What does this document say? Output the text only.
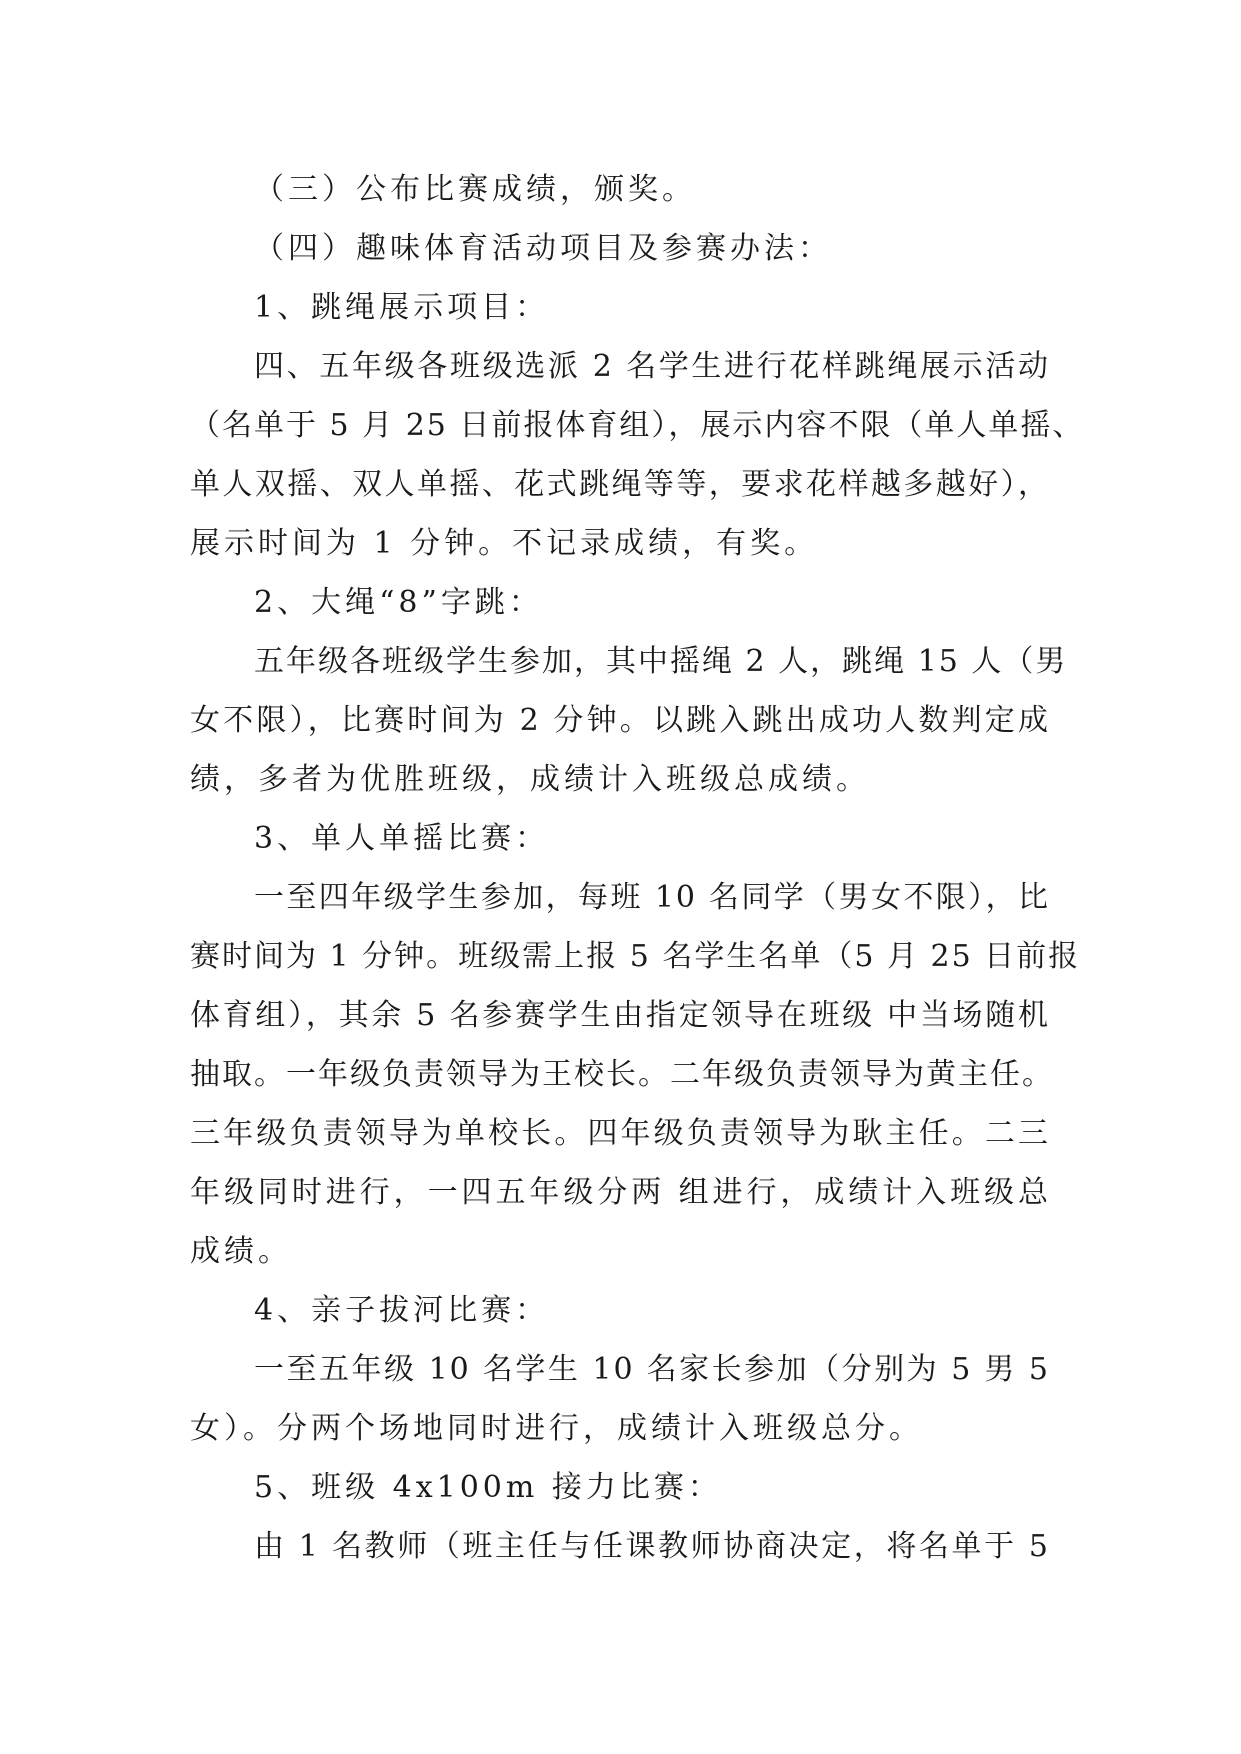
（三）公布比赛成绩，颁奖。
（四）趣味体育活动项目及参赛办法：
1、跳绳展示项目：
四、五年级各班级选派 2 名学生进行花样跳绳展示活动
（名单于 5 月 25 日前报体育组），展示内容不限（单人单摇、
单人双摇、双人单摇、花式跳绳等等，要求花样越多越好），
展示时间为 1 分钟。不记录成绩，有奖。
2、大绳“8”字跳：
五年级各班级学生参加，其中摇绳 2 人，跳绳 15 人（男
女不限），比赛时间为 2 分钟。以跳入跳出成功人数判定成
绩，多者为优胜班级，成绩计入班级总成绩。
3、单人单摇比赛：
一至四年级学生参加，每班 10 名同学（男女不限），比
赛时间为 1 分钟。班级需上报 5 名学生名单（5 月 25 日前报
体育组），其余 5 名参赛学生由指定领导在班级 中当场随机
抽取。一年级负责领导为王校长。二年级负责领导为黄主任。
三年级负责领导为单校长。四年级负责领导为耿主任。二三
年级同时进行，一四五年级分两 组进行，成绩计入班级总
成绩。
4、亲子拔河比赛：
一至五年级 10 名学生 10 名家长参加（分别为 5 男 5
女）。分两个场地同时进行，成绩计入班级总分。
5、班级 4x100m 接力比赛：
由 1 名教师（班主任与任课教师协商决定，将名单于 5
